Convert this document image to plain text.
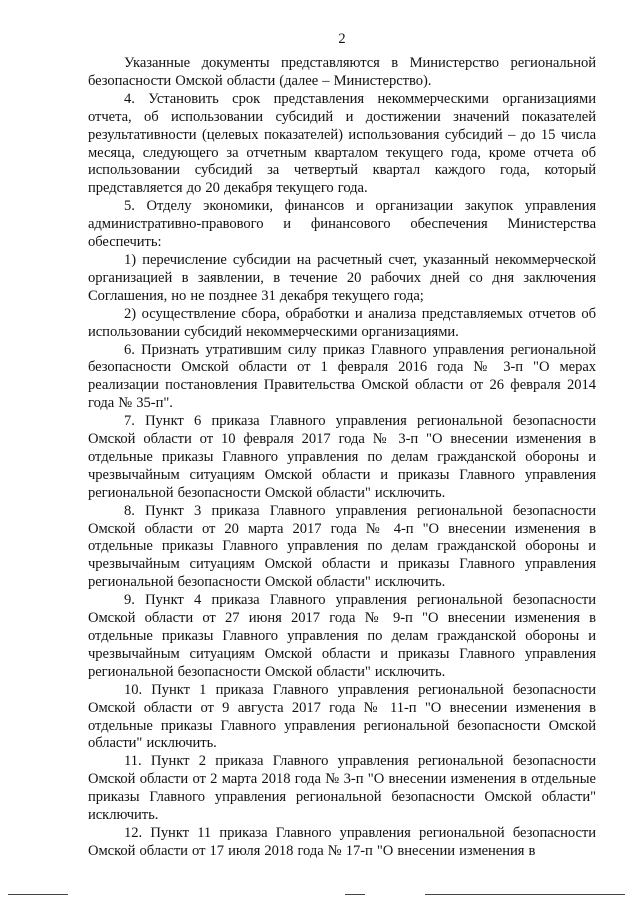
2

Указанные документы представляются в Министерство региональной безопасности Омской области (далее – Министерство).

4. Установить срок представления некоммерческими организациями отчета, об использовании субсидий и достижении значений показателей результативности (целевых показателей) использования субсидий – до 15 числа месяца, следующего за отчетным кварталом текущего года, кроме отчета об использовании субсидий за четвертый квартал каждого года, который представляется до 20 декабря текущего года.

5. Отделу экономики, финансов и организации закупок управления административно-правового и финансового обеспечения Министерства обеспечить:

1) перечисление субсидии на расчетный счет, указанный некоммерческой организацией в заявлении, в течение 20 рабочих дней со дня заключения Соглашения, но не позднее 31 декабря текущего года;

2) осуществление сбора, обработки и анализа представляемых отчетов об использовании субсидий некоммерческими организациями.

6. Признать утратившим силу приказ Главного управления региональной безопасности Омской области от 1 февраля 2016 года № 3-п "О мерах реализации постановления Правительства Омской области от 26 февраля 2014 года № 35-п".

7. Пункт 6 приказа Главного управления региональной безопасности Омской области от 10 февраля 2017 года № 3-п "О внесении изменения в отдельные приказы Главного управления по делам гражданской обороны и чрезвычайным ситуациям Омской области и приказы Главного управления региональной безопасности Омской области" исключить.

8. Пункт 3 приказа Главного управления региональной безопасности Омской области от 20 марта 2017 года № 4-п "О внесении изменения в отдельные приказы Главного управления по делам гражданской обороны и чрезвычайным ситуациям Омской области и приказы Главного управления региональной безопасности Омской области" исключить.

9. Пункт 4 приказа Главного управления региональной безопасности Омской области от 27 июня 2017 года № 9-п "О внесении изменения в отдельные приказы Главного управления по делам гражданской обороны и чрезвычайным ситуациям Омской области и приказы Главного управления региональной безопасности Омской области" исключить.

10. Пункт 1 приказа Главного управления региональной безопасности Омской области от 9 августа 2017 года № 11-п "О внесении изменения в отдельные приказы Главного управления региональной безопасности Омской области" исключить.

11. Пункт 2 приказа Главного управления региональной безопасности Омской области от 2 марта 2018 года № 3-п "О внесении изменения в отдельные приказы Главного управления региональной безопасности Омской области" исключить.

12. Пункт 11 приказа Главного управления региональной безопасности Омской области от 17 июля 2018 года № 17-п "О внесении изменения в
